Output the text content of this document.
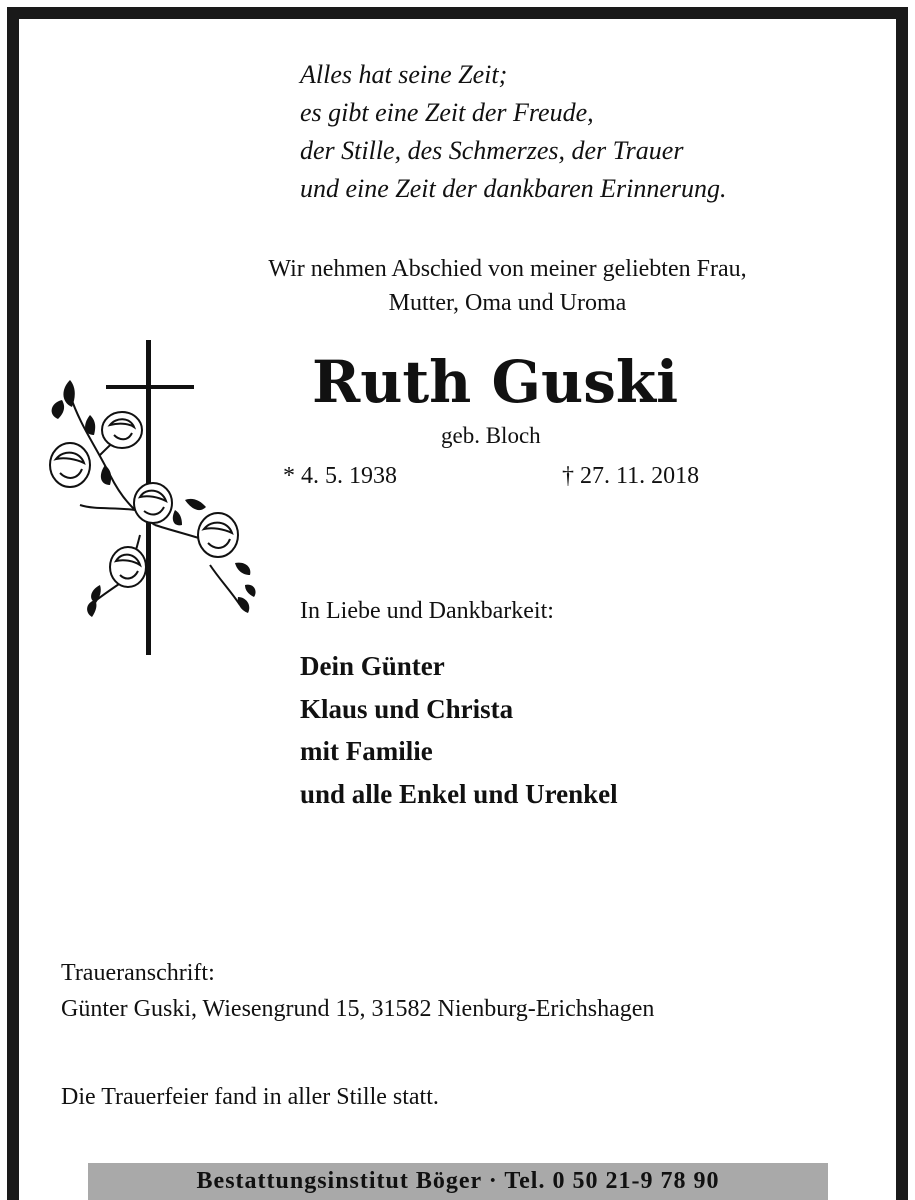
Alles hat seine Zeit;
es gibt eine Zeit der Freude,
der Stille, des Schmerzes, der Trauer
und eine Zeit der dankbaren Erinnerung.
Wir nehmen Abschied von meiner geliebten Frau,
Mutter, Oma und Uroma
Ruth Guski
geb. Bloch
* 4. 5. 1938	† 27. 11. 2018
In Liebe und Dankbarkeit:
Dein Günter
Klaus und Christa
mit Familie
und alle Enkel und Urenkel
Traueranschrift:
Günter Guski, Wiesengrund 15, 31582 Nienburg-Erichshagen
Die Trauerfeier fand in aller Stille statt.
Bestattungsinstitut Böger · Tel. 0 50 21-9 78 90
